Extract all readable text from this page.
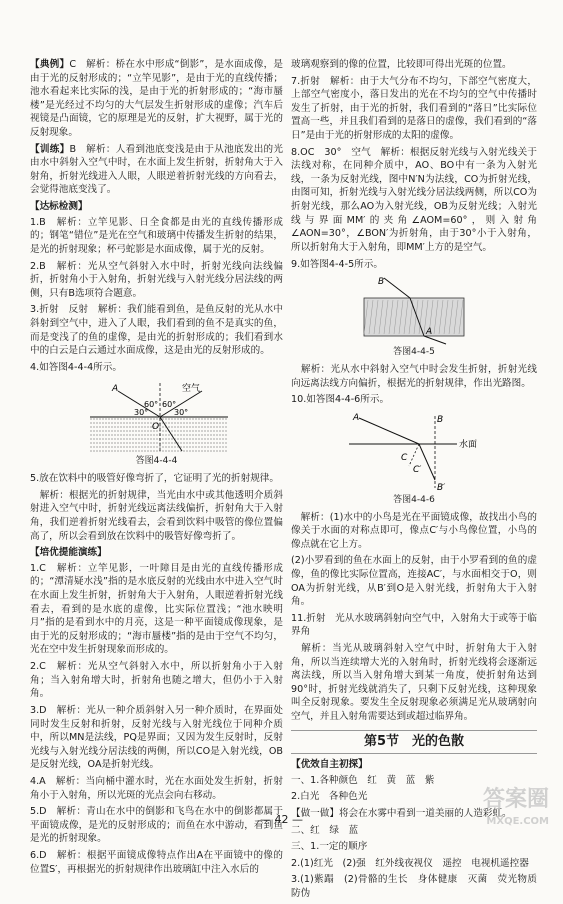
【典例】C　解析：桥在水中形成“倒影”，是水面成像，是由于光的反射形成的；“立竿见影”，是由于光的直线传播；池水看起来比实际的浅，是由于光的折射形成的；“海市蜃楼”是光经过不均匀的大气层发生折射形成的虚像；汽车后视镜是凸面镜，它的原理是光的反射，扩大视野，属于光的反射现象。

【训练】B　解析：人看到池底变浅是由于从池底发出的光由水中斜射入空气中时，在水面上发生折射，折射角大于入射角，折射光线进入人眼，人眼逆着折射光线的方向看去，会觉得池底变浅了。

【达标检测】

1.B　解析：立竿见影、日全食都是由光的直线传播形成的；钢笔“错位”是光在空气和玻璃中传播发生折射的结果，是光的折射现象；杯弓蛇影是水面成像，属于光的反射。

2.B　解析：光从空气斜射入水中时，折射光线向法线偏折，折射角小于入射角，折射光线与入射光线分居法线的两侧，只有B选项符合题意。

3.折射　反射　解析：我们能看到鱼，是鱼反射的光从水中斜射到空气中，进入了人眼，我们看到的鱼不是真实的鱼，而是变浅了的鱼的虚像，是由光的折射形成的；我们看到水中的白云是白云通过水面成像，这是由光的反射形成的。

4.如答图4-4-4所示。

空气
A
O
60°
30°
60°
30°
答图4-4-4

5.放在饮料中的吸管好像弯折了，它证明了光的折射规律。

　解析：根据光的折射规律，当光由水中或其他透明介质斜射进入空气中时，折射光线远离法线偏折，折射角大于入射角，我们逆着折射光线看去，会看到饮料中吸管的像位置偏高了，所以会看到放在饮料中的吸管好像弯折了。

【培优提能演练】

1.C　解析：立竿见影，一叶障目是由光的直线传播形成的；“潭清疑水浅”指的是水底反射的光线由水中进入空气时在水面上发生折射，折射角大于入射角，人眼逆着折射光线看去，看到的是水底的虚像，比实际位置浅；“池水映明月”指的是看到水中的月亮，这是一种平面镜成像现象，是由于光的反射形成的；“海市蜃楼”指的是由于空气不均匀，光在空中发生折射现象而形成的。

2.C　解析：光从空气斜射入水中，所以折射角小于入射角；当入射角增大时，折射角也随之增大，但仍小于入射角。

3.D　解析：光从一种介质斜射入另一种介质时，在界面处同时发生反射和折射，反射光线与入射光线位于同种介质中，所以MN是法线，PQ是界面；又因为发生反射时，反射光线与入射光线分居法线的两侧，所以CO是入射光线，OB是反射光线，OA是折射光线。

4.A　解析：当向桶中灌水时，光在水面处发生折射，折射角小于入射角，所以光斑的光点会向右移动。

5.D　解析：青山在水中的倒影和飞鸟在水中的倒影都属于平面镜成像，是光的反射形成的；而鱼在水中游动，看到鱼是光的折射现象。

6.D　解析：根据平面镜成像特点作出A在平面镜中的像的位置S′，再根据光的折射规律作出玻璃缸中注入水后的

玻璃观察到的像的位置，比较即可得出光斑的位置。

7.折射　解析：由于大气分布不均匀，下部空气密度大，上部空气密度小，落日发出的光在不均匀的空气中传播时发生了折射，由于光的折射，我们看到的“落日”比实际位置高一些，并且我们看到的是落日的虚像，我们看到的“落日”是由于光的折射形成的太阳的虚像。

8.OC　30°　空气　解析：根据反射光线与入射光线关于法线对称，在同种介质中，AO、BO中有一条为入射光线，一条为反射光线，图中N′N为法线，CO为折射光线，由图可知，折射光线与入射光线分居法线两侧，所以CO为折射光线，那么AO为入射光线，OB为反射光线；入射光线与界面MM′的夹角∠AOM=60°，则入射角∠AON=30°，∠BON′为折射角，由于30°小于入射角，所以折射角大于入射角，即MM′上方的是空气。

9.如答图4-4-5所示。

B
A
答图4-4-5

　解析：光从水中斜射入空气中时会发生折射，折射光线向远离法线方向偏折，根据光的折射规律，作出光路图。

10.如答图4-4-6所示。

水面
A	B
B′
C
C′
答图4-4-6

　解析：(1)水中的小鸟是光在平面镜成像，故找出小鸟的像关于水面的对称点即可，像点C′与小鸟像位置，小鸟的像点就在它上方。

(2)小罗看到的鱼在水面上的反射，由于小罗看到的鱼的虚像，鱼的像比实际位置高，连接AC′，与水面相交于O，则OA为折射光线，从B′到O是入射光线，折射角大于入射角。

11.折射　光从水玻璃斜射向空气中，入射角大于或等于临界角

　解析：当光从玻璃斜射入空气中时，折射角大于入射角，所以当连续增大光的入射角时，折射光线将会逐渐远离法线，所以当入射角增大到某一角度，使折射角达到90°时，折射光线就消失了，只剩下反射光线，这种现象叫全反射现象。要发生全反射现象必须满足光从玻璃射向空气，并且入射角需要达到或超过临界角。

第5节　光的色散
【优效自主初探】

一、1.各种颜色　红　黄　蓝　紫

2.白光　各种色光

【做一做】将会在水雾中看到一道美丽的人造彩虹。

二、红　绿　蓝

三、1.一定的顺序

2.(1)红光　(2)强　红外线夜视仪　遥控　电视机遥控器

3.(1)紫蹋　(2)骨骼的生长　身体健康　灭菌　荧光物质　防伪

— 42 —
答案圈
MXQE.COM
